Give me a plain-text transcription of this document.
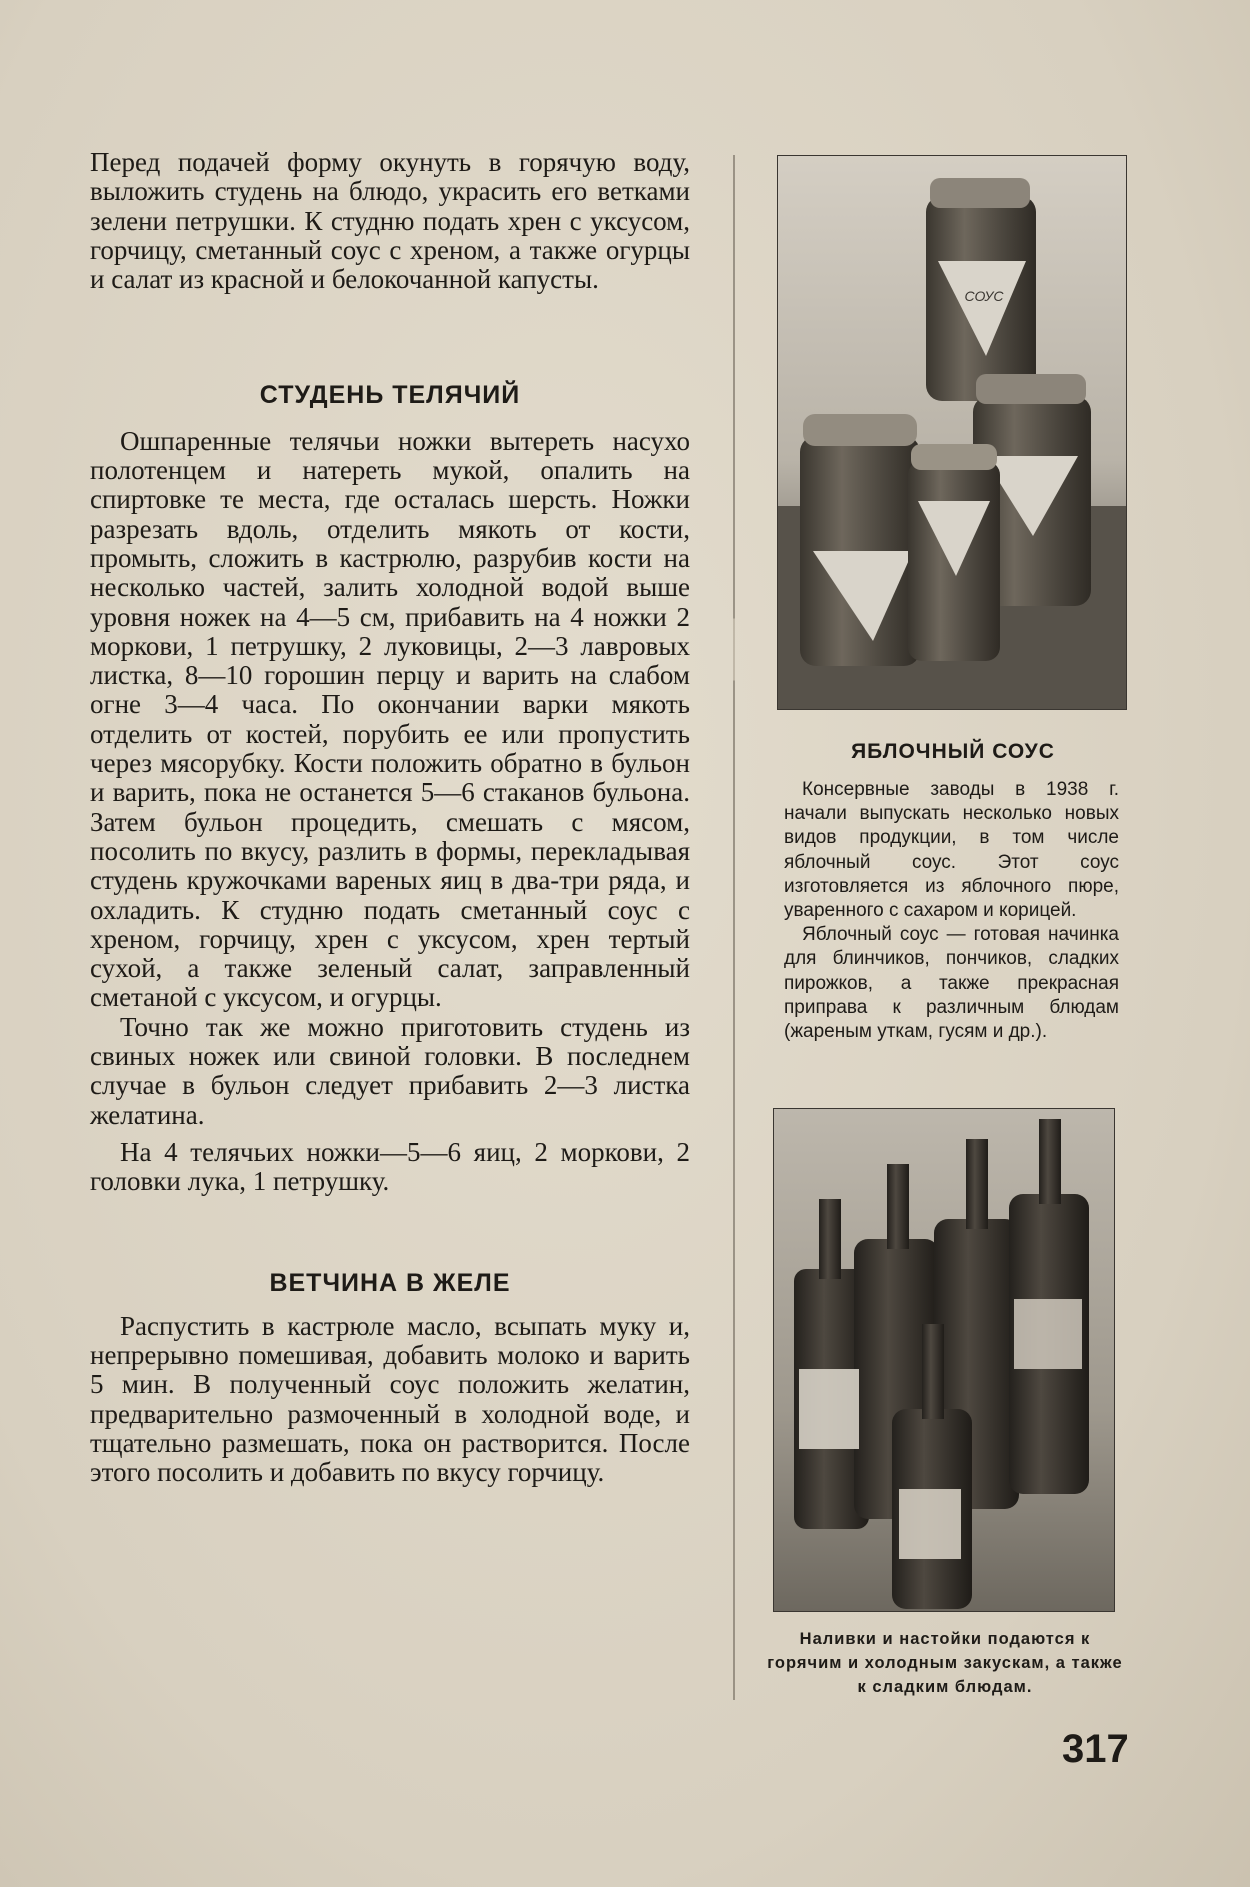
Перед подачей форму окунуть в горячую воду, выложить студень на блюдо, украсить его ветками зелени петрушки. К студню подать хрен с уксусом, горчицу, сметанный соус с хреном, а также огурцы и салат из красной и белокочанной капусты.

СТУДЕНЬ ТЕЛЯЧИЙ

Ошпаренные телячьи ножки вытереть насухо полотенцем и натереть мукой, опалить на спиртовке те места, где осталась шерсть. Ножки разрезать вдоль, отделить мякоть от кости, промыть, сложить в кастрюлю, разрубив кости на несколько частей, залить холодной водой выше уровня ножек на 4—5 см, прибавить на 4 ножки 2 моркови, 1 петрушку, 2 луковицы, 2—3 лавровых листка, 8—10 горошин перцу и варить на слабом огне 3—4 часа. По окончании варки мякоть отделить от костей, порубить ее или пропустить через мясорубку. Кости положить обратно в бульон и варить, пока не останется 5—6 стаканов бульона. Затем бульон процедить, смешать с мясом, посолить по вкусу, разлить в формы, перекладывая студень кружочками вареных яиц в два-три ряда, и охладить. К студню подать сметанный соус с хреном, горчицу, хрен с уксусом, хрен тертый сухой, а также зеленый салат, заправленный сметаной с уксусом, и огурцы.

Точно так же можно приготовить студень из свиных ножек или свиной головки. В последнем случае в бульон следует прибавить 2—3 листка желатина.

На 4 телячьих ножки—5—6 яиц, 2 моркови, 2 головки лука, 1 петрушку.

ВЕТЧИНА В ЖЕЛЕ

Распустить в кастрюле масло, всыпать муку и, непрерывно помешивая, добавить молоко и варить 5 мин. В полученный соус положить желатин, предварительно размоченный в холодной воде, и тщательно размешать, пока он растворится. После этого посолить и добавить по вкусу горчицу.

СОУС
ЯБЛОЧНЫЙ СОУС

Консервные заводы в 1938 г. начали выпускать несколько новых видов продукции, в том числе яблочный соус. Этот соус изготовляется из яблочного пюре, уваренного с сахаром и корицей.

Яблочный соус — готовая начинка для блинчиков, пончиков, сладких пирожков, а также прекрасная приправа к различным блюдам (жареным уткам, гусям и др.).

Наливки и настойки подаются к горячим и холодным закускам, а также к сладким блюдам.
317
